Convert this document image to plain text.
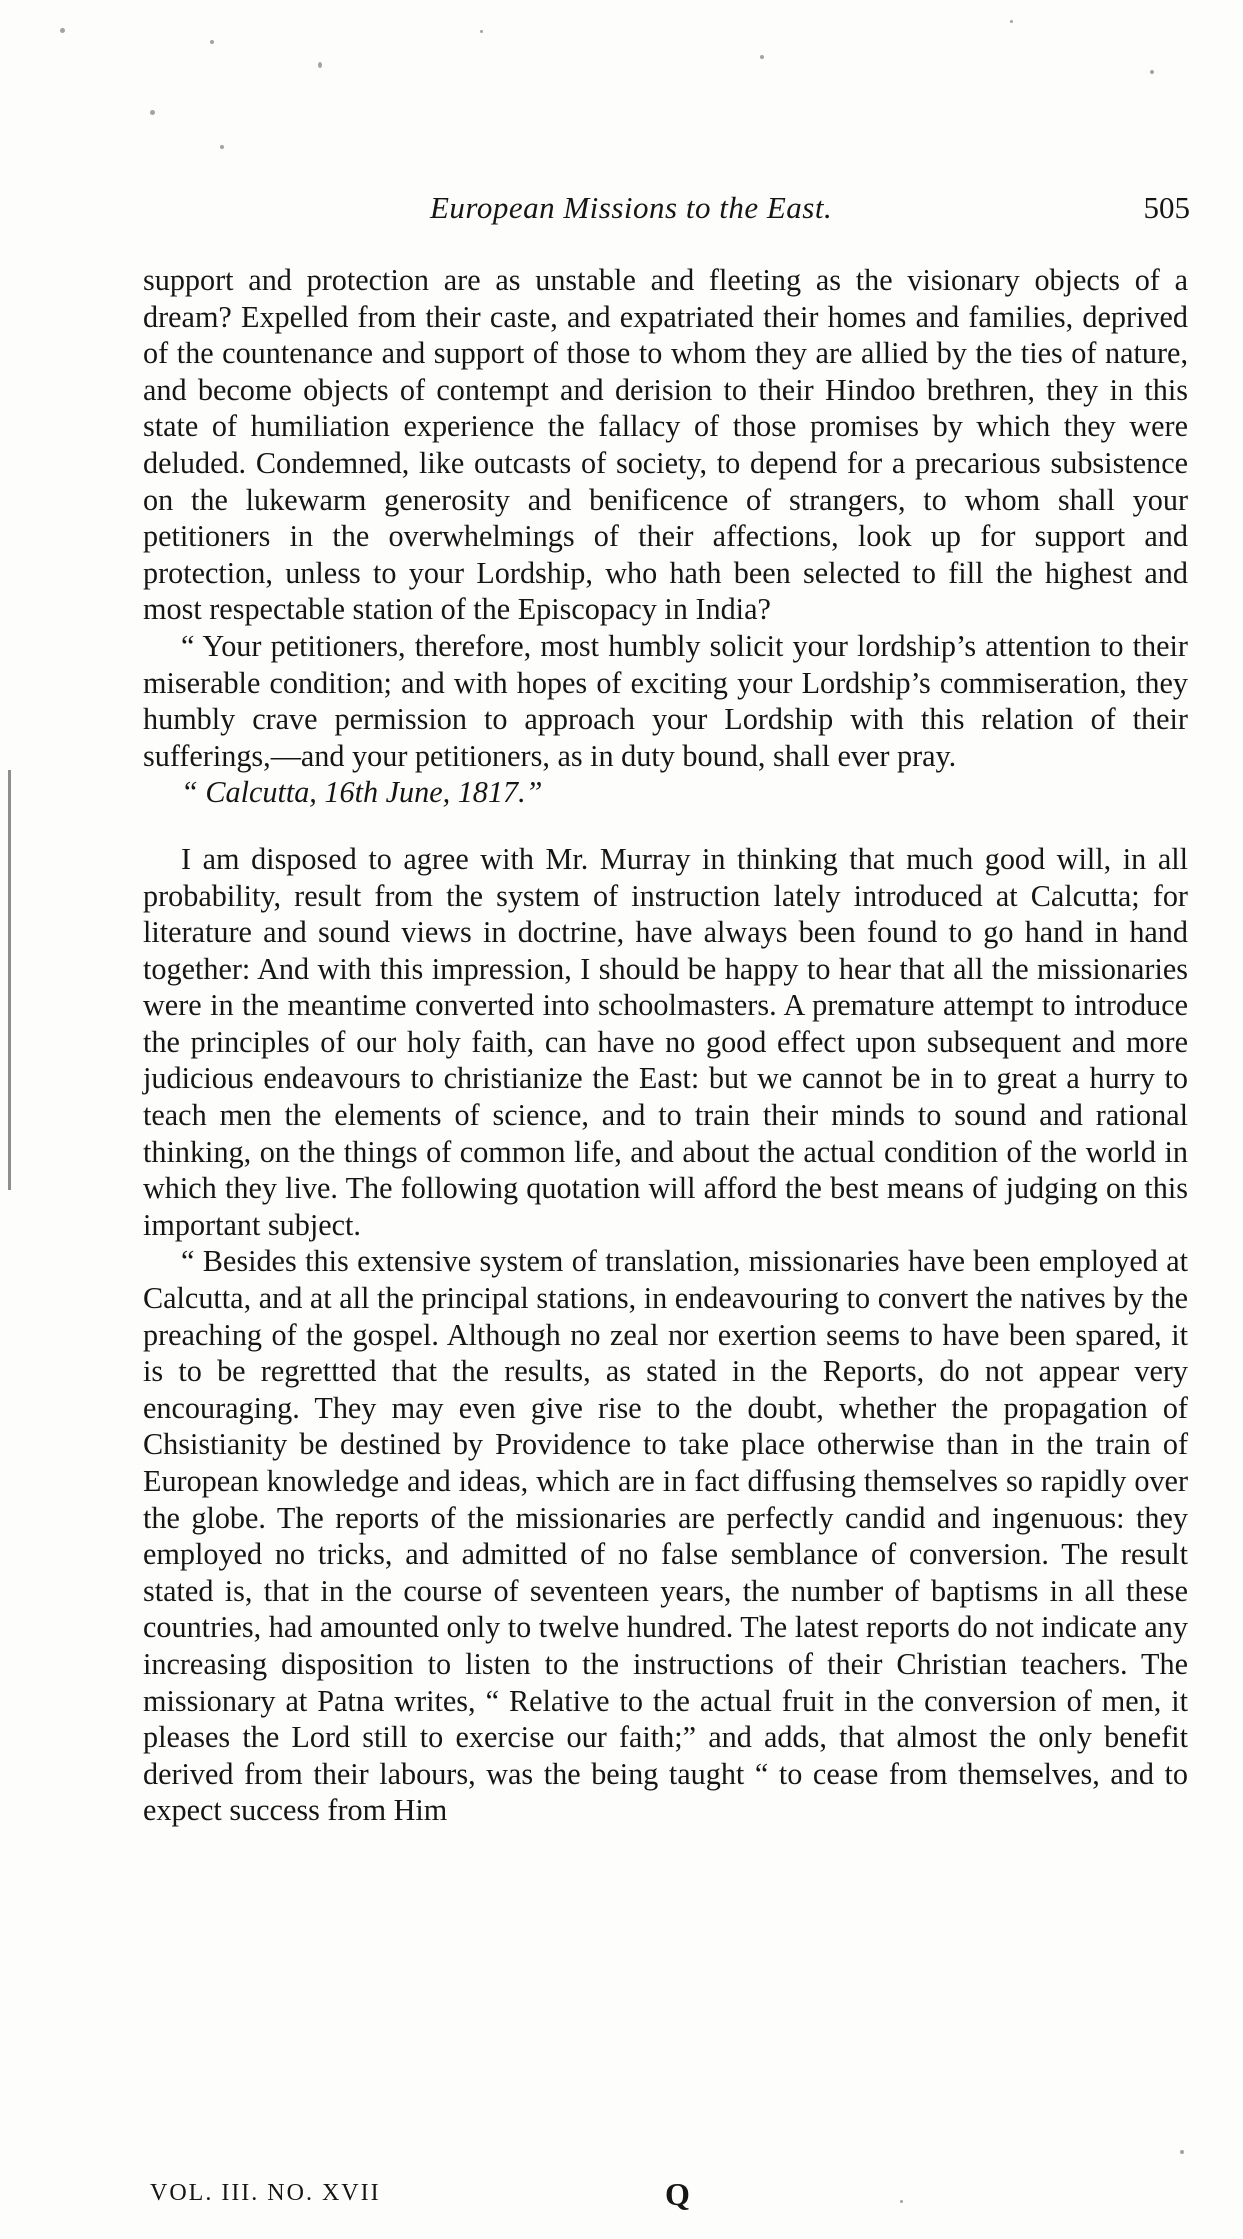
European Missions to the East.	505

support and protection are as unstable and fleeting as the visionary objects of a dream? Expelled from their caste, and expatriated their homes and families, deprived of the countenance and support of those to whom they are allied by the ties of nature, and become objects of contempt and derision to their Hindoo brethren, they in this state of humiliation experience the fallacy of those promises by which they were deluded. Condemned, like outcasts of society, to depend for a precarious subsistence on the lukewarm generosity and benificence of strangers, to whom shall your petitioners in the overwhelmings of their affections, look up for support and protection, unless to your Lordship, who hath been selected to fill the highest and most respectable station of the Episcopacy in India?

“ Your petitioners, therefore, most humbly solicit your lordship’s attention to their miserable condition; and with hopes of exciting your Lordship’s commiseration, they humbly crave permission to approach your Lordship with this relation of their sufferings,—and your petitioners, as in duty bound, shall ever pray.

“ Calcutta, 16th June, 1817.”

I am disposed to agree with Mr. Murray in thinking that much good will, in all probability, result from the system of instruction lately introduced at Calcutta; for literature and sound views in doctrine, have always been found to go hand in hand together: And with this impression, I should be happy to hear that all the missionaries were in the meantime converted into schoolmasters. A premature attempt to introduce the principles of our holy faith, can have no good effect upon subsequent and more judicious endeavours to christianize the East: but we cannot be in to great a hurry to teach men the elements of science, and to train their minds to sound and rational thinking, on the things of common life, and about the actual condition of the world in which they live. The following quotation will afford the best means of judging on this important subject.

“ Besides this extensive system of translation, missionaries have been employed at Calcutta, and at all the principal stations, in endeavouring to convert the natives by the preaching of the gospel. Although no zeal nor exertion seems to have been spared, it is to be regrettted that the results, as stated in the Reports, do not appear very encouraging. They may even give rise to the doubt, whether the propagation of Chsistianity be destined by Providence to take place otherwise than in the train of European knowledge and ideas, which are in fact diffusing themselves so rapidly over the globe. The reports of the missionaries are perfectly candid and ingenuous: they employed no tricks, and admitted of no false semblance of conversion. The result stated is, that in the course of seventeen years, the number of baptisms in all these countries, had amounted only to twelve hundred. The latest reports do not indicate any increasing disposition to listen to the instructions of their Christian teachers. The missionary at Patna writes, “ Relative to the actual fruit in the conversion of men, it pleases the Lord still to exercise our faith;” and adds, that almost the only benefit derived from their labours, was the being taught “ to cease from themselves, and to expect success from Him

VOL. III. NO. XVII	Q
